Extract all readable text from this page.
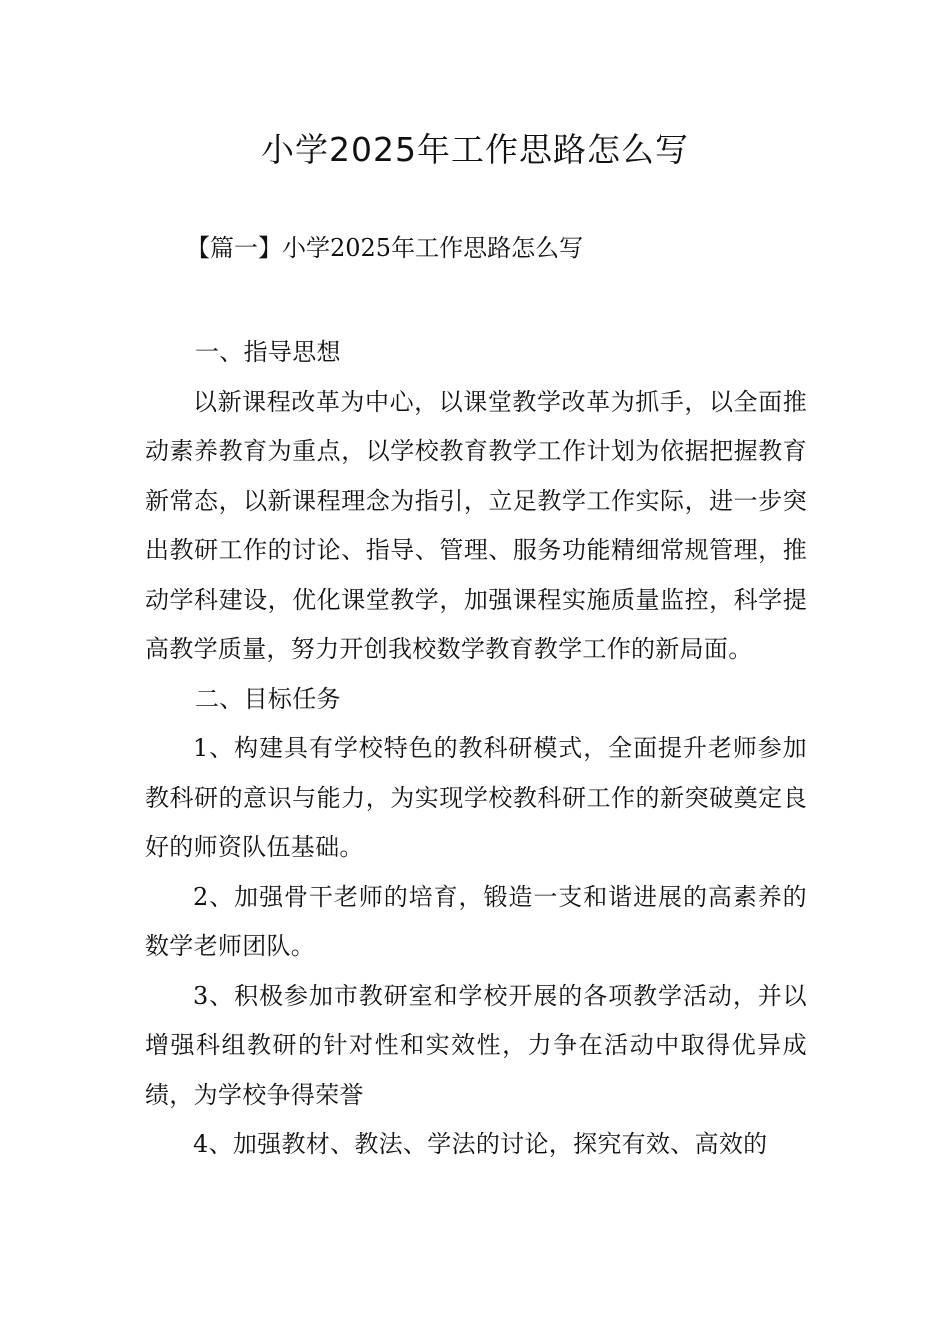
小学2025年工作思路怎么写
【篇一】小学2025年工作思路怎么写

一、指导思想

以新课程改革为中心，以课堂教学改革为抓手，以全面推动素养教育为重点，以学校教育教学工作计划为依据把握教育新常态，以新课程理念为指引，立足教学工作实际，进一步突出教研工作的讨论、指导、管理、服务功能精细常规管理，推动学科建设，优化课堂教学，加强课程实施质量监控，科学提高教学质量，努力开创我校数学教育教学工作的新局面。

二、目标任务

1、构建具有学校特色的教科研模式，全面提升老师参加教科研的意识与能力，为实现学校教科研工作的新突破奠定良好的师资队伍基础。

2、加强骨干老师的培育，锻造一支和谐进展的高素养的数学老师团队。

3、积极参加市教研室和学校开展的各项教学活动，并以增强科组教研的针对性和实效性，力争在活动中取得优异成绩，为学校争得荣誉

4、加强教材、教法、学法的讨论，探究有效、高效的
